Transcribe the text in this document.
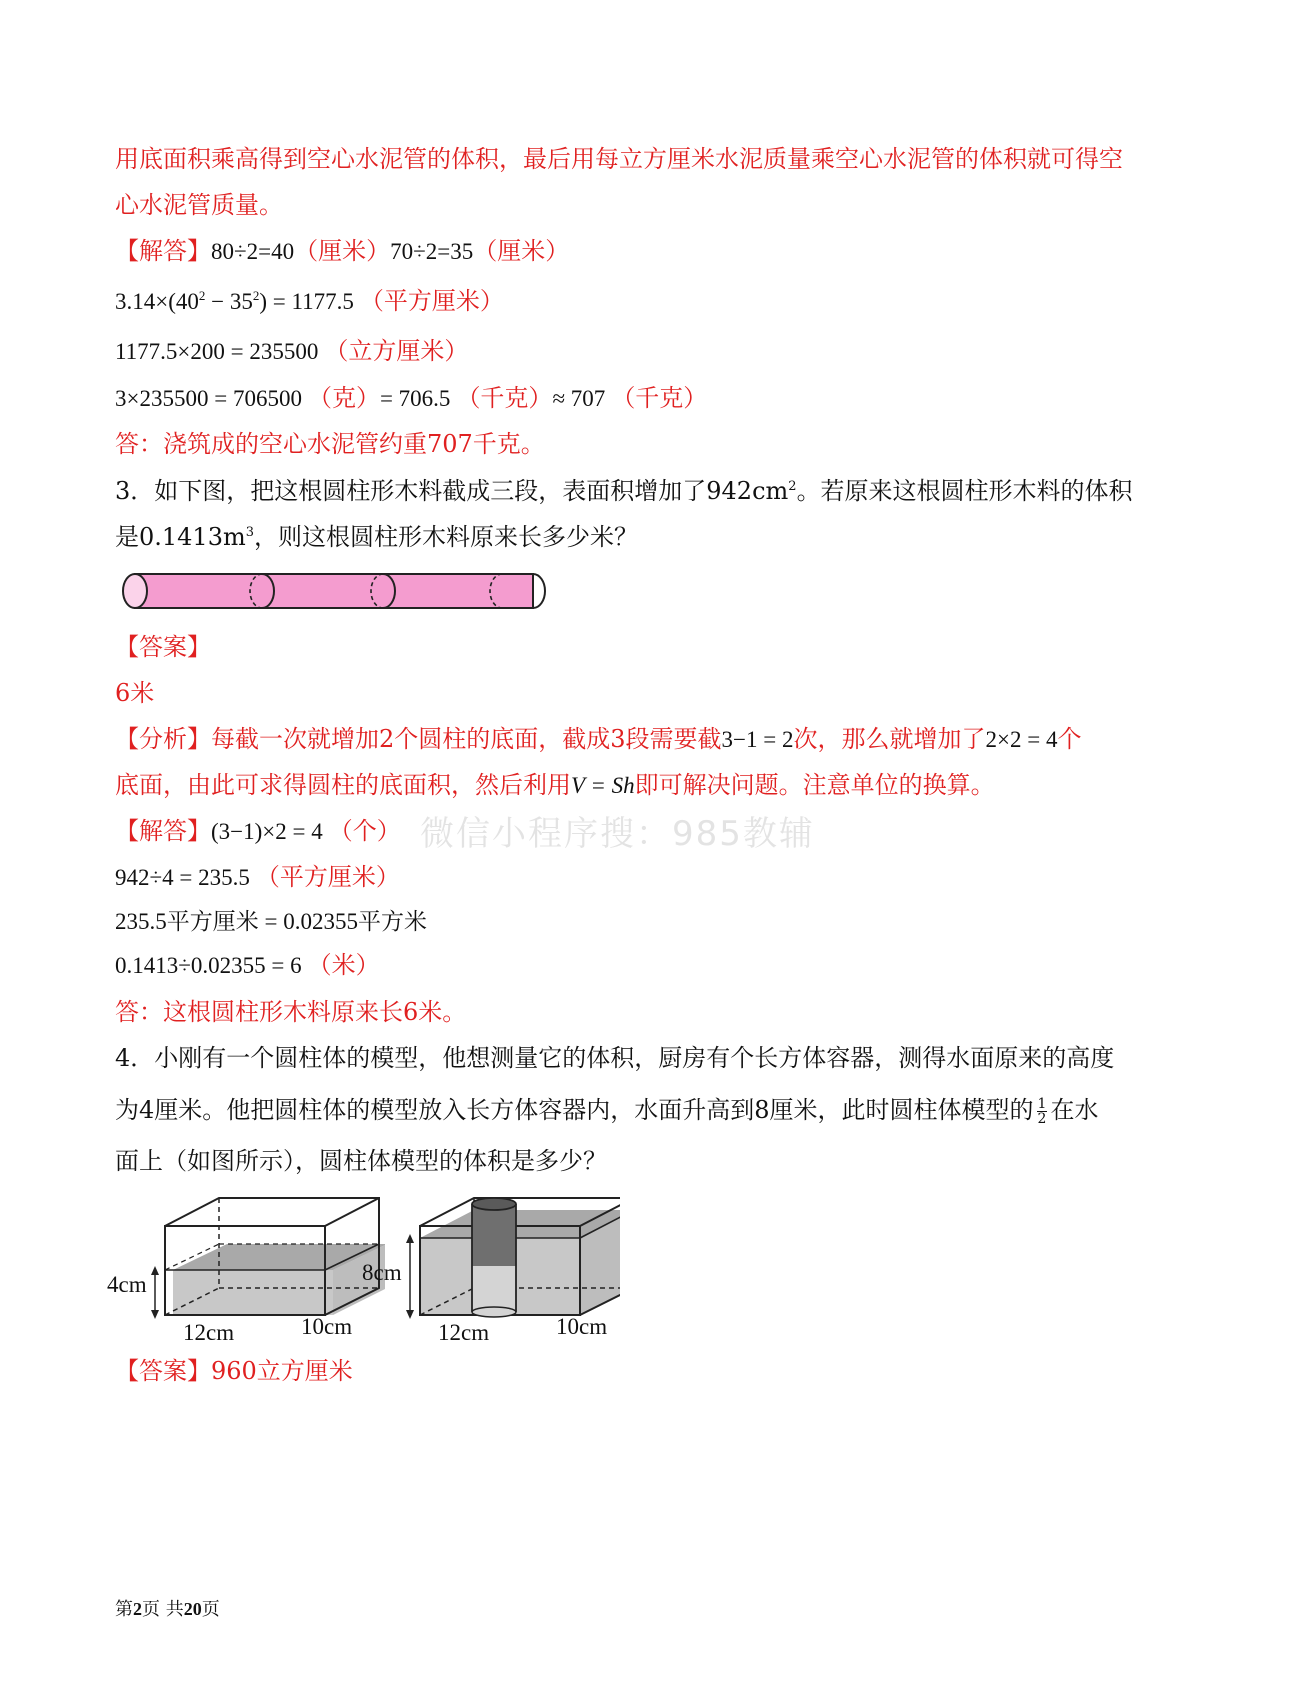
用底面积乘高得到空心水泥管的体积，最后用每立方厘米水泥质量乘空心水泥管的体积就可得空
心水泥管质量。
【解答】80÷2=40（厘米）70÷2=35（厘米）
$3.14\times(40^2 - 35^2) = 1177.5$ （平方厘米）
1177.5×200 = 235500 （立方厘米）
3×235500 = 706500 （克）= 706.5 （千克）≈ 707 （千克）
答：浇筑成的空心水泥管约重707千克。
3．如下图，把这根圆柱形木料截成三段，表面积增加了$942cm^2$。若原来这根圆柱形木料的体积
是$0.1413m^3$，则这根圆柱形木料原来长多少米？
【答案】
6米
【分析】每截一次就增加2个圆柱的底面，截成3段需要截3−1 = 2次，那么就增加了2×2 = 4个
底面，由此可求得圆柱的底面积，然后利用V = Sh即可解决问题。注意单位的换算。
微信小程序搜：985教辅
【解答】(3−1)×2 = 4 （个）
942÷4 = 235.5 （平方厘米）
235.5平方厘米 = 0.02355平方米
0.1413÷0.02355 = 6 （米）
答：这根圆柱形木料原来长6米。
4．小刚有一个圆柱体的模型，他想测量它的体积，厨房有个长方体容器，测得水面原来的高度
为4厘米。他把圆柱体的模型放入长方体容器内，水面升高到8厘米，此时圆柱体模型的 $\frac{1}{2}$ 在水
面上（如图所示），圆柱体模型的体积是多少？
4cm
12cm	10cm
8cm
12cm	10cm
【答案】960立方厘米
第2页 共20页
